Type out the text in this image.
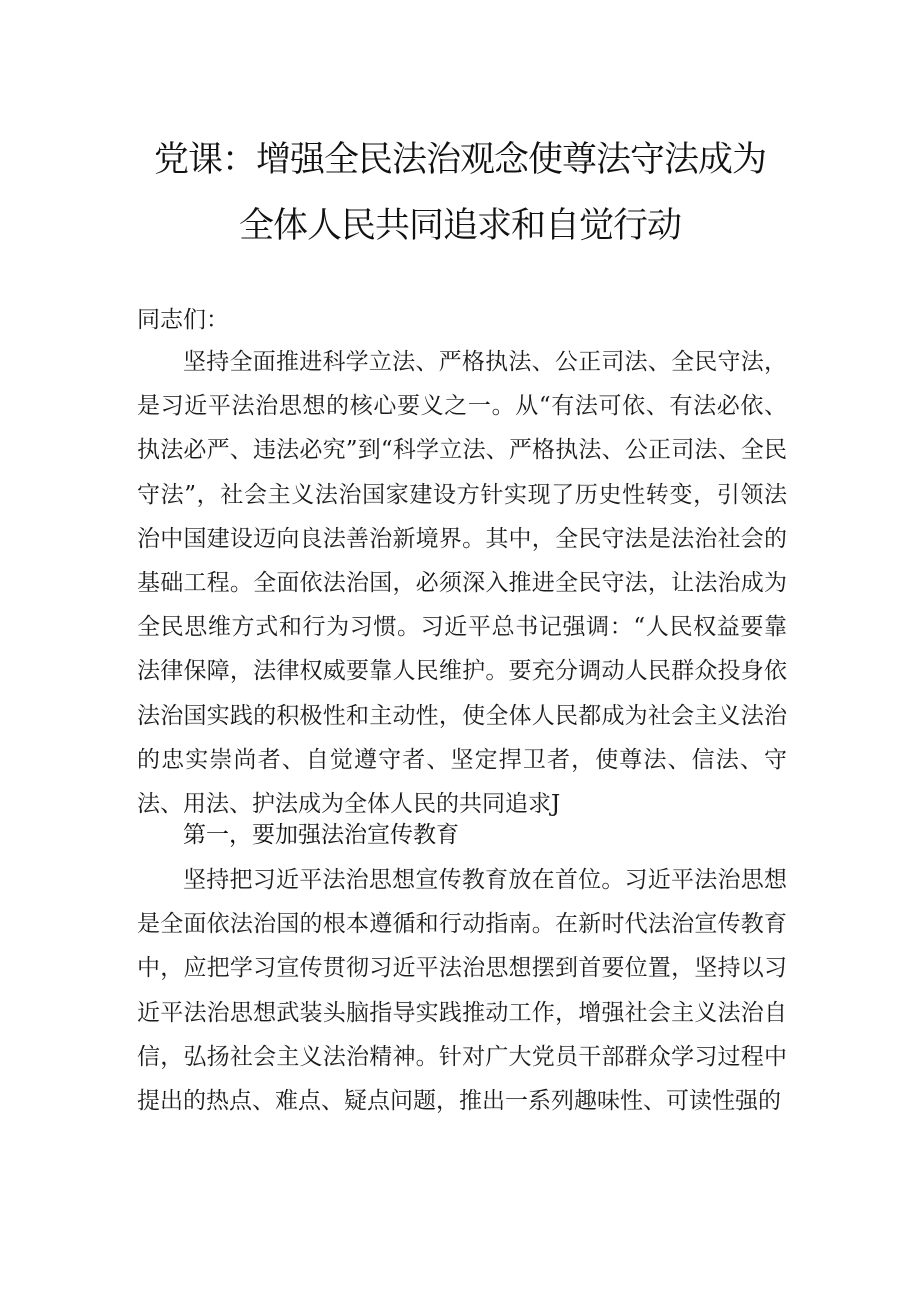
党课：增强全民法治观念使尊法守法成为
全体人民共同追求和自觉行动
同志们：

坚持全面推进科学立法、严格执法、公正司法、全民守法，是习近平法治思想的核心要义之一。从“有法可依、有法必依、执法必严、违法必究”到“科学立法、严格执法、公正司法、全民守法”，社会主义法治国家建设方针实现了历史性转变，引领法治中国建设迈向良法善治新境界。其中，全民守法是法治社会的基础工程。全面依法治国，必须深入推进全民守法，让法治成为全民思维方式和行为习惯。习近平总书记强调：“人民权益要靠法律保障，法律权威要靠人民维护。要充分调动人民群众投身依法治国实践的积极性和主动性，使全体人民都成为社会主义法治的忠实崇尚者、自觉遵守者、坚定捍卫者，使尊法、信法、守法、用法、护法成为全体人民的共同追求J

第一，要加强法治宣传教育

坚持把习近平法治思想宣传教育放在首位。习近平法治思想是全面依法治国的根本遵循和行动指南。在新时代法治宣传教育中，应把学习宣传贯彻习近平法治思想摆到首要位置，坚持以习近平法治思想武装头脑指导实践推动工作，增强社会主义法治自信，弘扬社会主义法治精神。针对广大党员干部群众学习过程中提出的热点、难点、疑点问题，推出一系列趣味性、可读性强的
